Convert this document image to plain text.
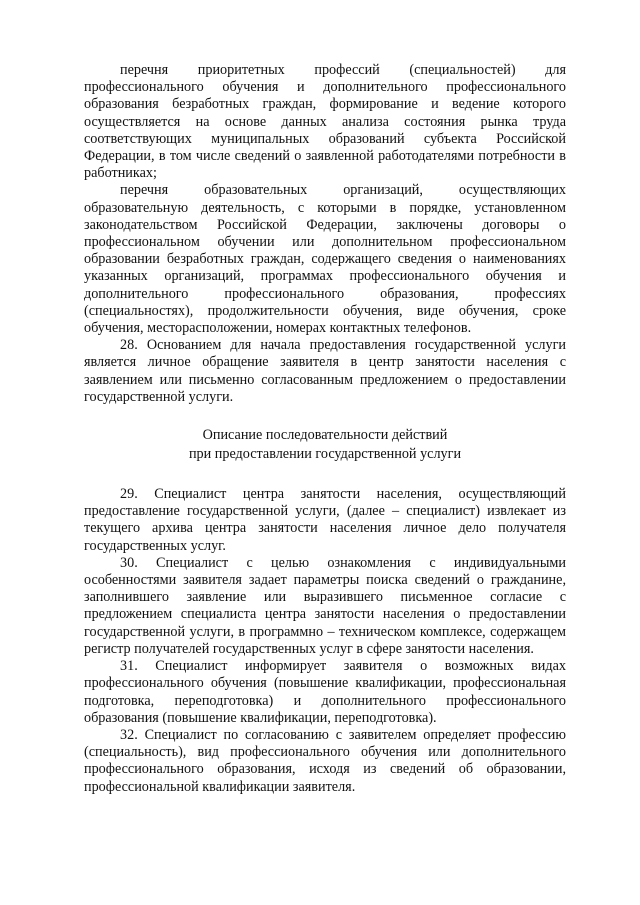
перечня приоритетных профессий (специальностей) для профессионального обучения и дополнительного профессионального образования безработных граждан, формирование и ведение которого осуществляется на основе данных анализа состояния рынка труда соответствующих муниципальных образований субъекта Российской Федерации, в том числе сведений о заявленной работодателями потребности в работниках;

перечня образовательных организаций, осуществляющих образовательную деятельность, с которыми в порядке, установленном законодательством Российской Федерации, заключены договоры о профессиональном обучении или дополнительном профессиональном образовании безработных граждан, содержащего сведения о наименованиях указанных организаций, программах профессионального обучения и дополнительного профессионального образования, профессиях (специальностях), продолжительности обучения, виде обучения, сроке обучения, месторасположении, номерах контактных телефонов.

28. Основанием для начала предоставления государственной услуги является личное обращение заявителя в центр занятости населения с заявлением или письменно согласованным предложением о предоставлении государственной услуги.

Описание последовательности действий
при предоставлении государственной услуги

29. Специалист центра занятости населения, осуществляющий предоставление государственной услуги, (далее – специалист) извлекает из текущего архива центра занятости населения личное дело получателя государственных услуг.

30. Специалист с целью ознакомления с индивидуальными особенностями заявителя задает параметры поиска сведений о гражданине, заполнившего заявление или выразившего письменное согласие с предложением специалиста центра занятости населения о предоставлении государственной услуги, в программно – техническом комплексе, содержащем регистр получателей государственных услуг в сфере занятости населения.

31. Специалист информирует заявителя о возможных видах профессионального обучения (повышение квалификации, профессиональная подготовка, переподготовка) и дополнительного профессионального образования (повышение квалификации, переподготовка).

32. Специалист по согласованию с заявителем определяет профессию (специальность), вид профессионального обучения или дополнительного профессионального образования, исходя из сведений об образовании, профессиональной квалификации заявителя.
